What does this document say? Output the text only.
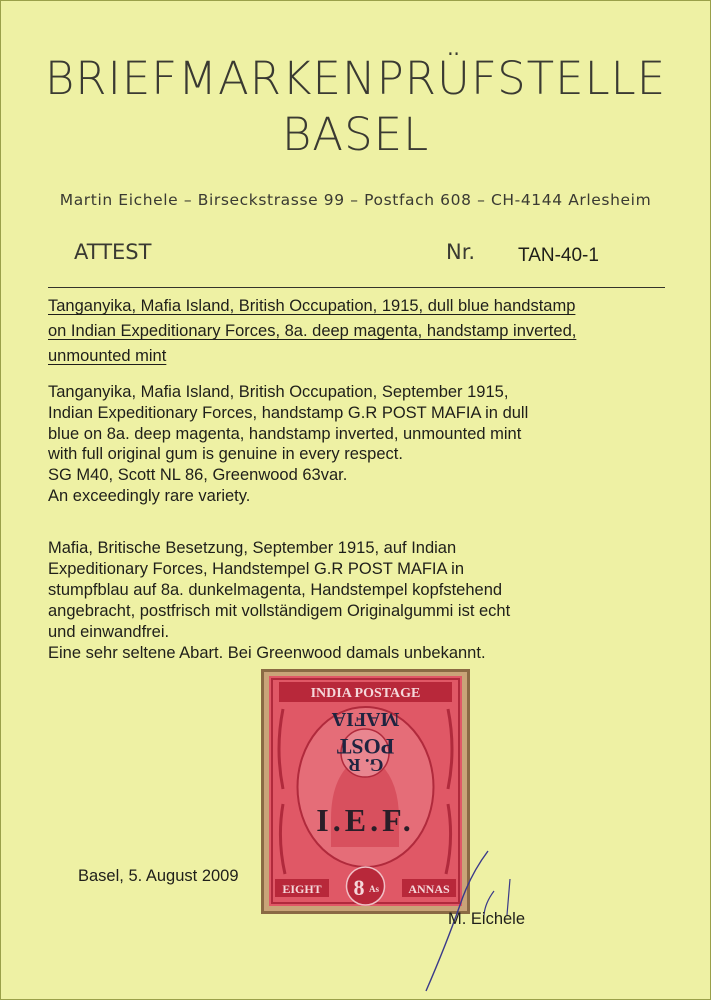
BRIEFMARKENPRÜFSTELLE
BASEL
Martin Eichele – Birseckstrasse 99 – Postfach 608 – CH-4144 Arlesheim
ATTEST	Nr. TAN-40-1
Tanganyika, Mafia Island, British Occupation, 1915, dull blue handstamp
on Indian Expeditionary Forces, 8a. deep magenta, handstamp inverted,
unmounted mint
Tanganyika, Mafia Island, British Occupation, September 1915,
Indian Expeditionary Forces, handstamp G.R POST MAFIA in dull
blue on 8a. deep magenta, handstamp inverted, unmounted mint
with full original gum is genuine in every respect.
SG M40, Scott NL 86, Greenwood 63var.
An exceedingly rare variety.
Mafia, Britische Besetzung, September 1915, auf Indian
Expeditionary Forces, Handstempel G.R POST MAFIA in
stumpfblau auf 8a. dunkelmagenta, Handstempel kopfstehend
angebracht, postfrisch mit vollständigem Originalgummi ist echt
und einwandfrei.
Eine sehr seltene Abart. Bei Greenwood damals unbekannt.
INDIA POSTAGE
G. R
POST
MAFIA
I.E.F.
EIGHT	ANNAS
8 As
Basel, 5. August 2009
M. Eichele
